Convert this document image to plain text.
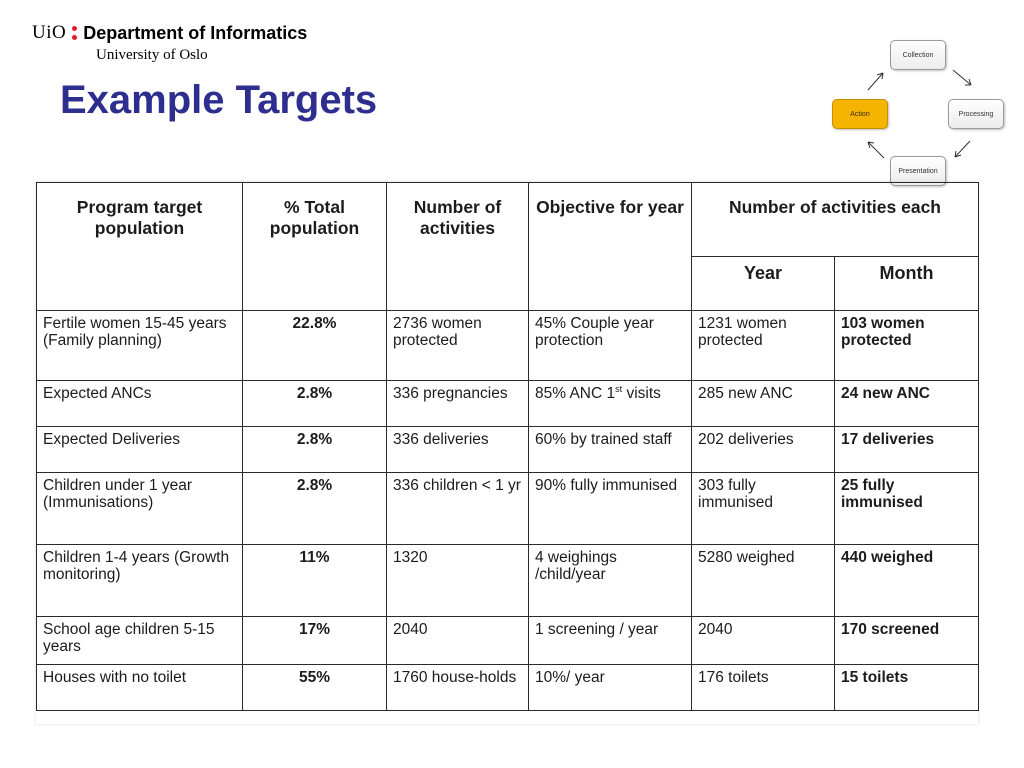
UiO Department of Informatics
University of Oslo
Example Targets
Collection
Processing
Presentation
Action
Program target population	% Total population	Number of activities	Objective for year	Number of activities each	
				Year	Month
Fertile women 15-45 years (Family planning)	22.8%	2736 women protected	45% Couple year protection	1231 women protected	103 women protected
Expected ANCs	2.8%	336 pregnancies	85% ANC 1st visits	285 new ANC	24 new ANC
Expected Deliveries	2.8%	336 deliveries	60% by trained staff	202 deliveries	17 deliveries
Children under 1 year (Immunisations)	2.8%	336 children < 1 yr	90% fully immunised	303 fully immunised	25 fully immunised
Children 1-4 years (Growth monitoring)	11%	1320	4 weighings /child/year	5280 weighed	440 weighed
School age children 5-15 years	17%	2040	1 screening / year	2040	170 screened
Houses with no toilet	55%	1760 house-holds	10%/ year	176 toilets	15 toilets
